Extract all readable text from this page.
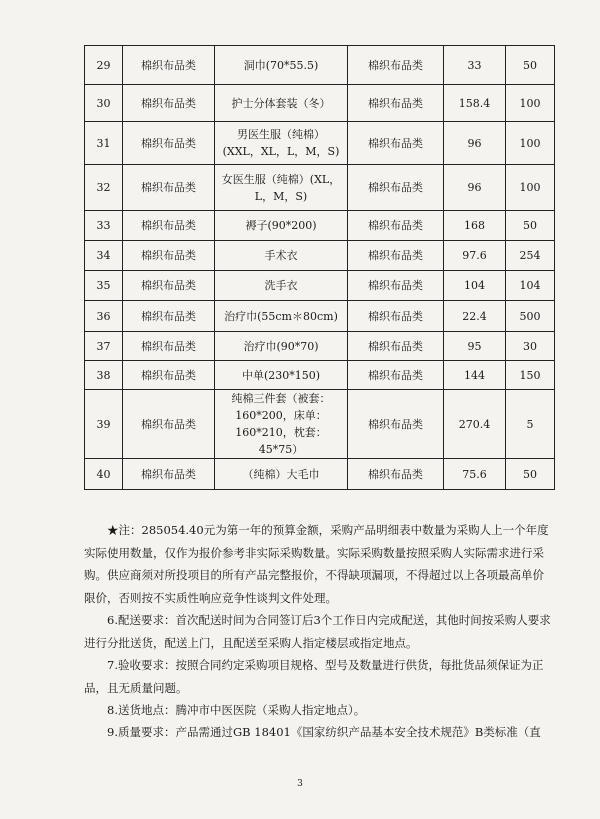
29	棉织布品类	洞巾(70*55.5)	棉织布品类	33	50
30	棉织布品类	护士分体套装（冬）	棉织布品类	158.4	100
31	棉织布品类	男医生服（纯棉）(XXL，XL，L，M，S)	棉织布品类	96	100
32	棉织布品类	女医生服（纯棉）(XL，L，M，S)	棉织布品类	96	100
33	棉织布品类	褥子(90*200)	棉织布品类	168	50
34	棉织布品类	手术衣	棉织布品类	97.6	254
35	棉织布品类	洗手衣	棉织布品类	104	104
36	棉织布品类	治疗巾(55cm＊80cm)	棉织布品类	22.4	500
37	棉织布品类	治疗巾(90*70)	棉织布品类	95	30
38	棉织布品类	中单(230*150)	棉织布品类	144	150
39	棉织布品类	纯棉三件套（被套：160*200，床单：160*210，枕套：45*75）	棉织布品类	270.4	5
40	棉织布品类	（纯棉）大毛巾	棉织布品类	75.6	50

★注：285054.40元为第一年的预算金额，采购产品明细表中数量为采购人上一个年度实际使用数量，仅作为报价参考非实际采购数量。实际采购数量按照采购人实际需求进行采购。供应商须对所投项目的所有产品完整报价，不得缺项漏项，不得超过以上各项最高单价限价，否则按不实质性响应竞争性谈判文件处理。

6.配送要求：首次配送时间为合同签订后3个工作日内完成配送，其他时间按采购人要求进行分批送货，配送上门，且配送至采购人指定楼层或指定地点。

7.验收要求：按照合同约定采购项目规格、型号及数量进行供货，每批货品须保证为正品，且无质量问题。

8.送货地点：腾冲市中医医院（采购人指定地点）。

9.质量要求：产品需通过GB 18401《国家纺织产品基本安全技术规范》B类标准（直

3
